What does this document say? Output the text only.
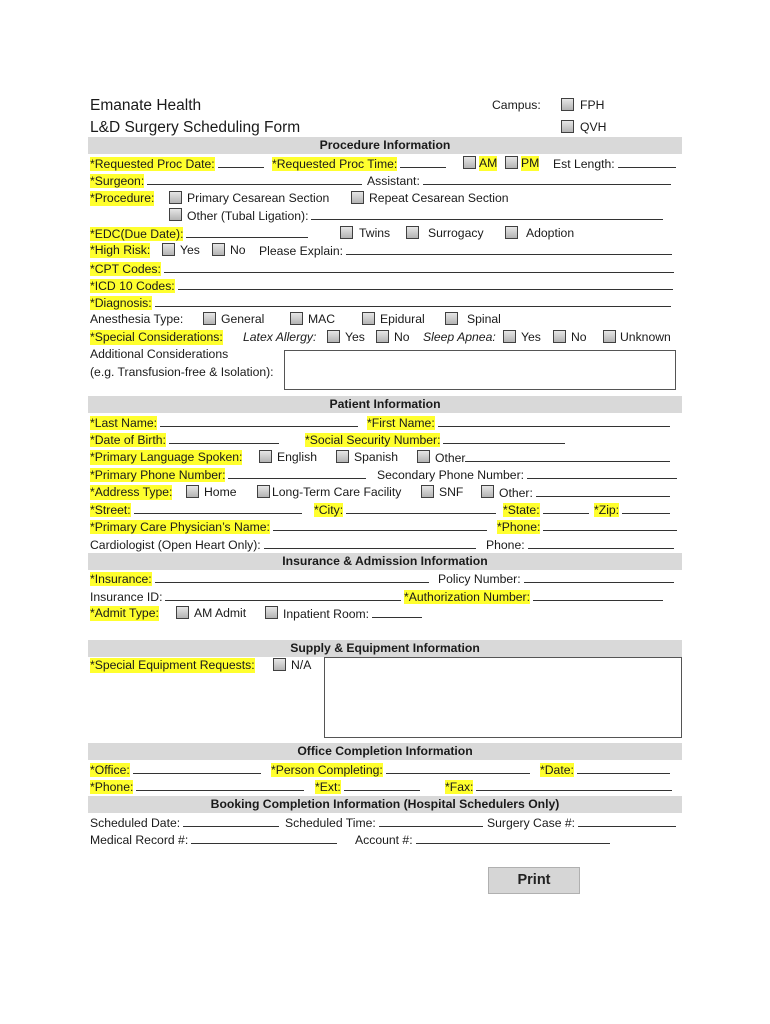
Emanate Health
L&D Surgery Scheduling Form
Campus:	FPH
QVH
Procedure Information
*Requested Proc Date:	*Requested Proc Time:	AM PM Est Length:
*Surgeon:	Assistant:
*Procedure:	Primary Cesarean Section	Repeat Cesarean Section
Other (Tubal Ligation):
*EDC(Due Date):	Twins	Surrogacy	Adoption
*High Risk: Yes No Please Explain:
*CPT Codes:
*ICD 10 Codes:
*Diagnosis:
Anesthesia Type:	General	MAC	Epidural	Spinal
*Special Considerations: Latex Allergy: Yes No Sleep Apnea: Yes No	Unknown
Additional Considerations
(e.g. Transfusion-free & Isolation):
Patient Information
*Last Name:	*First Name:
*Date of Birth:	*Social Security Number:
*Primary Language Spoken:	English	Spanish	Other
*Primary Phone Number:	Secondary Phone Number:
*Address Type:	Home	Long-Term Care Facility	SNF	Other:
*Street:	*City:	*State:	*Zip:
*Primary Care Physician’s Name:	*Phone:
Cardiologist (Open Heart Only):	Phone:
Insurance & Admission Information
*Insurance:	Policy Number:
Insurance ID:	*Authorization Number:
*Admit Type:	AM Admit	Inpatient Room:
Supply & Equipment Information
*Special Equipment Requests:	N/A
Office Completion Information
*Office:	*Person Completing:	*Date:
*Phone:	*Ext:	*Fax:
Booking Completion Information (Hospital Schedulers Only)
Scheduled Date:	Scheduled Time:	Surgery Case #:
Medical Record #:	Account #:
Print
